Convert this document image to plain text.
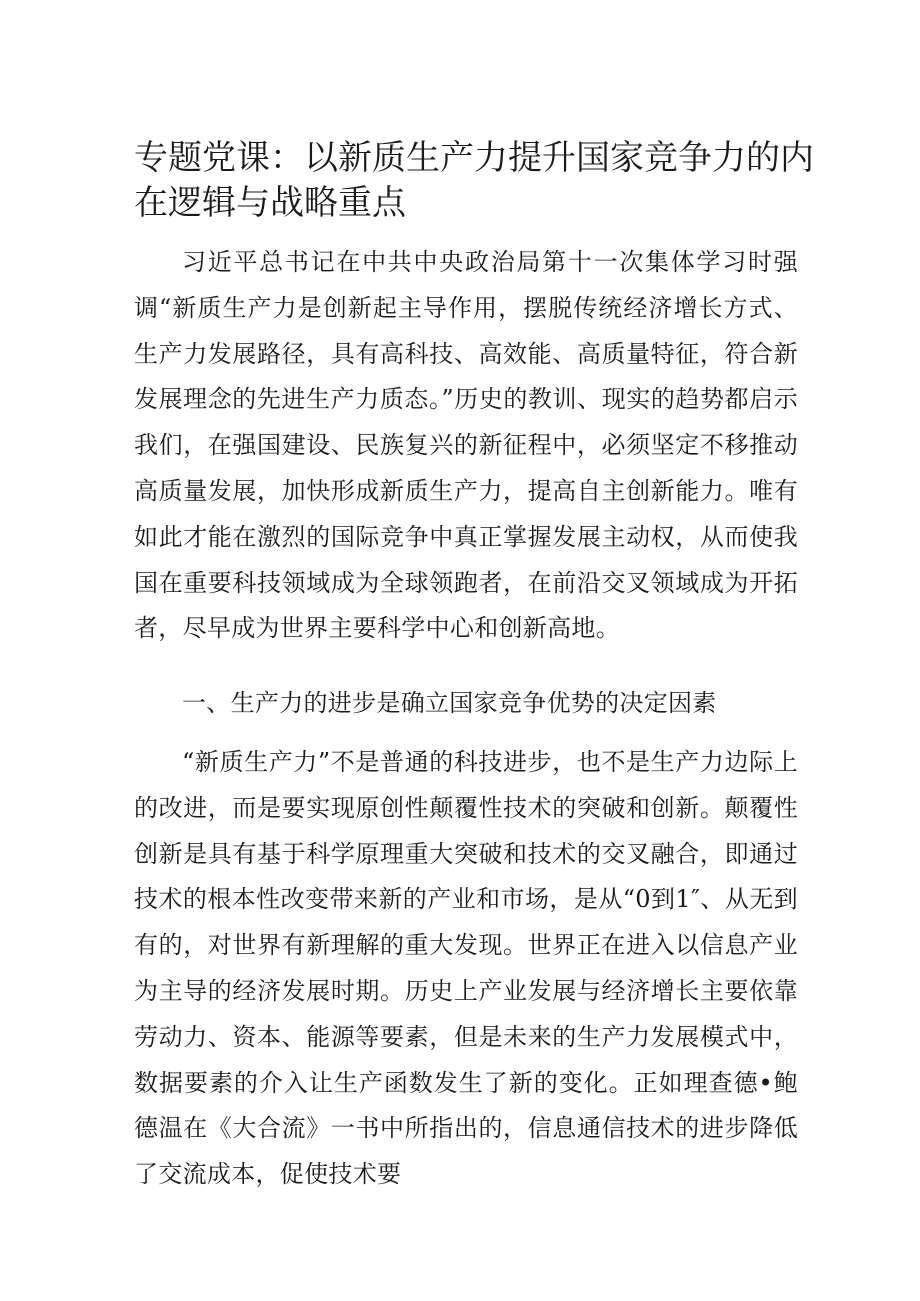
专题党课：以新质生产力提升国家竞争力的内在逻辑与战略重点

习近平总书记在中共中央政治局第十一次集体学习时强调“新质生产力是创新起主导作用，摆脱传统经济增长方式、生产力发展路径，具有高科技、高效能、高质量特征，符合新发展理念的先进生产力质态。”历史的教训、现实的趋势都启示我们，在强国建设、民族复兴的新征程中，必须坚定不移推动高质量发展，加快形成新质生产力，提高自主创新能力。唯有如此才能在激烈的国际竞争中真正掌握发展主动权，从而使我国在重要科技领域成为全球领跑者，在前沿交叉领域成为开拓者，尽早成为世界主要科学中心和创新高地。

一、生产力的进步是确立国家竞争优势的决定因素

“新质生产力”不是普通的科技进步，也不是生产力边际上的改进，而是要实现原创性颠覆性技术的突破和创新。颠覆性创新是具有基于科学原理重大突破和技术的交叉融合，即通过技术的根本性改变带来新的产业和市场，是从“0到1″、从无到有的，对世界有新理解的重大发现。世界正在进入以信息产业为主导的经济发展时期。历史上产业发展与经济增长主要依靠劳动力、资本、能源等要素，但是未来的生产力发展模式中，数据要素的介入让生产函数发生了新的变化。正如理查德•鲍德温在《大合流》一书中所指出的，信息通信技术的进步降低了交流成本，促使技术要
